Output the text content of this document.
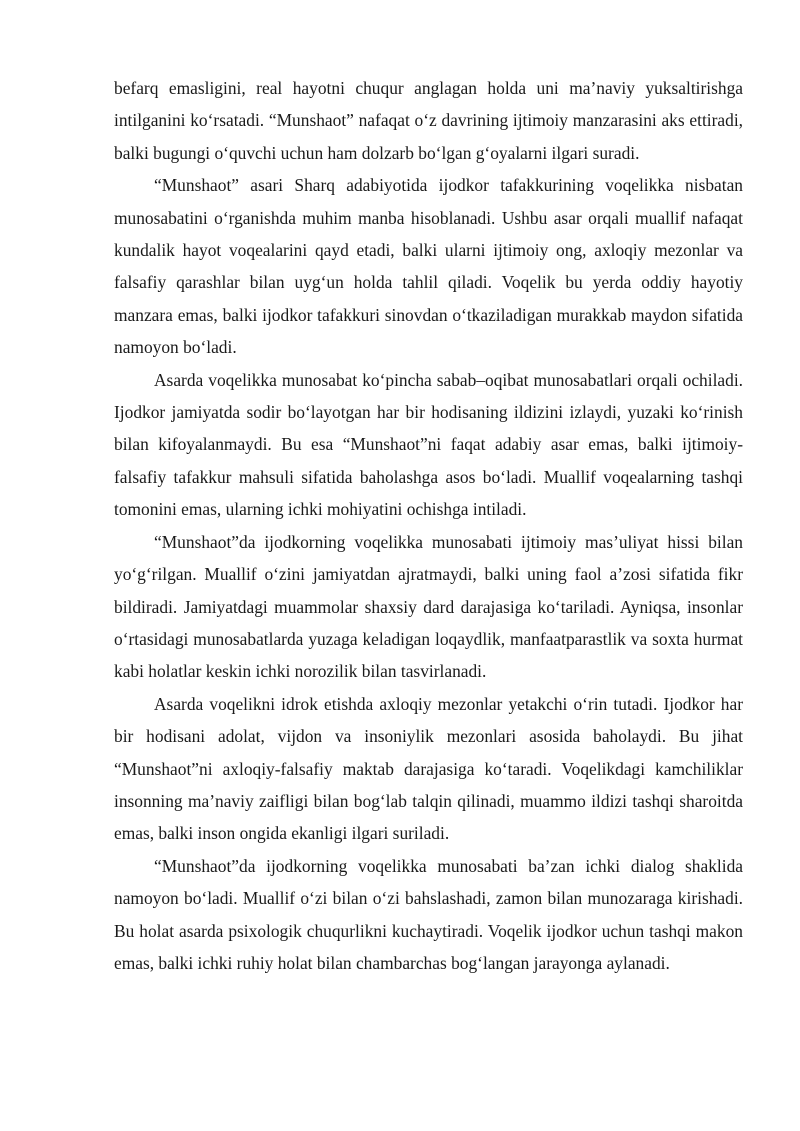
befarq emasligini, real hayotni chuqur anglagan holda uni maʼnaviy yuksaltirishga intilganini koʻrsatadi. “Munshaot” nafaqat oʻz davrining ijtimoiy manzarasini aks ettiradi, balki bugungi oʻquvchi uchun ham dolzarb boʻlgan gʻoyalarni ilgari suradi.

“Munshaot” asari Sharq adabiyotida ijodkor tafakkurining voqelikka nisbatan munosabatini oʻrganishda muhim manba hisoblanadi. Ushbu asar orqali muallif nafaqat kundalik hayot voqealarini qayd etadi, balki ularni ijtimoiy ong, axloqiy mezonlar va falsafiy qarashlar bilan uygʻun holda tahlil qiladi. Voqelik bu yerda oddiy hayotiy manzara emas, balki ijodkor tafakkuri sinovdan oʻtkaziladigan murakkab maydon sifatida namoyon boʻladi.

Asarda voqelikka munosabat koʻpincha sabab–oqibat munosabatlari orqali ochiladi. Ijodkor jamiyatda sodir boʻlayotgan har bir hodisaning ildizini izlaydi, yuzaki koʻrinish bilan kifoyalanmaydi. Bu esa “Munshaot”ni faqat adabiy asar emas, balki ijtimoiy-falsafiy tafakkur mahsuli sifatida baholashga asos boʻladi. Muallif voqealarning tashqi tomonini emas, ularning ichki mohiyatini ochishga intiladi.

“Munshaot”da ijodkorning voqelikka munosabati ijtimoiy masʼuliyat hissi bilan yoʻgʻrilgan. Muallif oʻzini jamiyatdan ajratmaydi, balki uning faol aʼzosi sifatida fikr bildiradi. Jamiyatdagi muammolar shaxsiy dard darajasiga koʻtariladi. Ayniqsa, insonlar oʻrtasidagi munosabatlarda yuzaga keladigan loqaydlik, manfaatparastlik va soxta hurmat kabi holatlar keskin ichki norozilik bilan tasvirlanadi.

Asarda voqelikni idrok etishda axloqiy mezonlar yetakchi oʻrin tutadi. Ijodkor har bir hodisani adolat, vijdon va insoniylik mezonlari asosida baholaydi. Bu jihat “Munshaot”ni axloqiy-falsafiy maktab darajasiga koʻtaradi. Voqelikdagi kamchiliklar insonning maʼnaviy zaifligi bilan bogʻlab talqin qilinadi, muammo ildizi tashqi sharoitda emas, balki inson ongida ekanligi ilgari suriladi.

“Munshaot”da ijodkorning voqelikka munosabati baʼzan ichki dialog shaklida namoyon boʻladi. Muallif oʻzi bilan oʻzi bahslashadi, zamon bilan munozaraga kirishadi. Bu holat asarda psixologik chuqurlikni kuchaytiradi. Voqelik ijodkor uchun tashqi makon emas, balki ichki ruhiy holat bilan chambarchas bogʻlangan jarayonga aylanadi.
